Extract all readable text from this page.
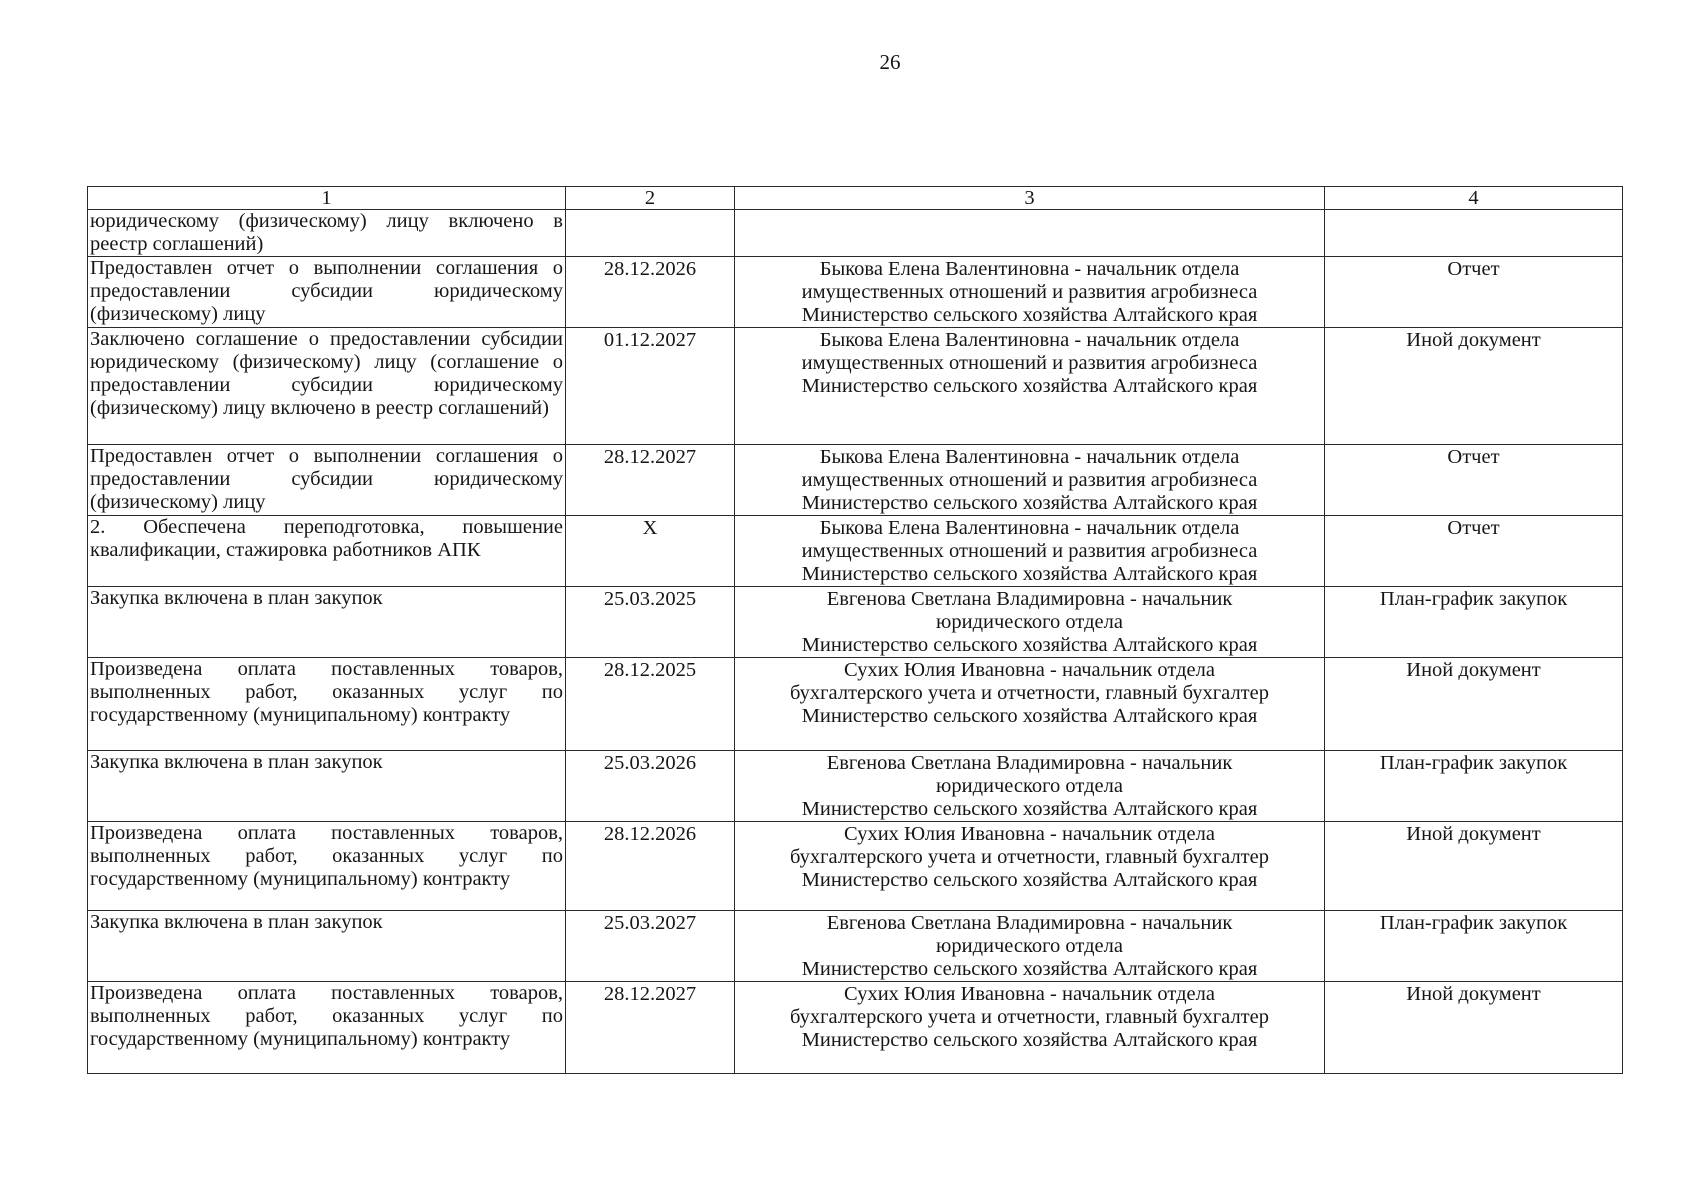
26
1	2	3	4
юридическому (физическому) лицу включено в реестр соглашений)		

Предоставлен отчет о выполнении соглашения о предоставлении субсидии юридическому (физическому) лицу	28.12.2026	Быкова Елена Валентиновна - начальник отдела
имущественных отношений и развития агробизнеса
Министерство сельского хозяйства Алтайского края	Отчет
Заключено соглашение о предоставлении субсидии юридическому (физическому) лицу (соглашение о предоставлении субсидии юридическому (физическому) лицу включено в реестр соглашений)	01.12.2027	Быкова Елена Валентиновна - начальник отдела
имущественных отношений и развития агробизнеса
Министерство сельского хозяйства Алтайского края	Иной документ
Предоставлен отчет о выполнении соглашения о предоставлении субсидии юридическому (физическому) лицу	28.12.2027	Быкова Елена Валентиновна - начальник отдела
имущественных отношений и развития агробизнеса
Министерство сельского хозяйства Алтайского края	Отчет
2. Обеспечена переподготовка, повышение квалификации, стажировка работников АПК	X	Быкова Елена Валентиновна - начальник отдела
имущественных отношений и развития агробизнеса
Министерство сельского хозяйства Алтайского края	Отчет
Закупка включена в план закупок	25.03.2025	Евгенова Светлана Владимировна - начальник
юридического отдела
Министерство сельского хозяйства Алтайского края	План-график закупок
Произведена оплата поставленных товаров, выполненных работ, оказанных услуг по государственному (муниципальному) контракту	28.12.2025	Сухих Юлия Ивановна - начальник отдела
бухгалтерского учета и отчетности, главный бухгалтер
Министерство сельского хозяйства Алтайского края	Иной документ
Закупка включена в план закупок	25.03.2026	Евгенова Светлана Владимировна - начальник
юридического отдела
Министерство сельского хозяйства Алтайского края	План-график закупок
Произведена оплата поставленных товаров, выполненных работ, оказанных услуг по государственному (муниципальному) контракту	28.12.2026	Сухих Юлия Ивановна - начальник отдела
бухгалтерского учета и отчетности, главный бухгалтер
Министерство сельского хозяйства Алтайского края	Иной документ
Закупка включена в план закупок	25.03.2027	Евгенова Светлана Владимировна - начальник
юридического отдела
Министерство сельского хозяйства Алтайского края	План-график закупок
Произведена оплата поставленных товаров, выполненных работ, оказанных услуг по государственному (муниципальному) контракту	28.12.2027	Сухих Юлия Ивановна - начальник отдела
бухгалтерского учета и отчетности, главный бухгалтер
Министерство сельского хозяйства Алтайского края	Иной документ
